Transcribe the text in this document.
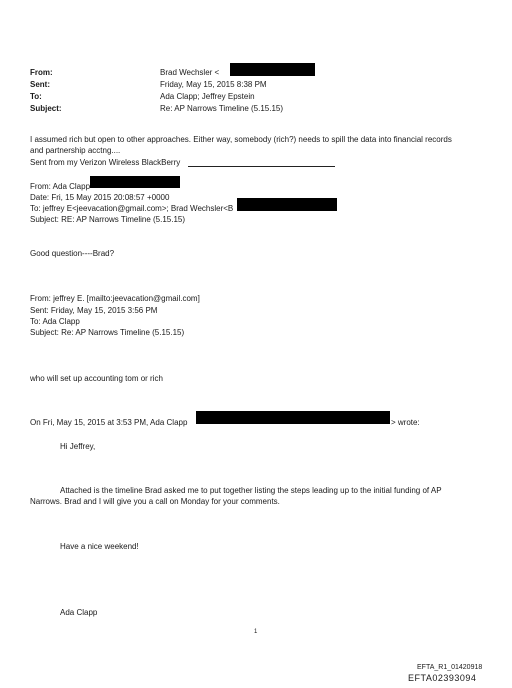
From:
Sent:
To:
Subject:
Brad Wechsler <
Friday, May 15, 2015 8:38 PM
Ada Clapp; Jeffrey Epstein
Re: AP Narrows Timeline (5.15.15)
I assumed rich but open to other approaches. Either way, somebody (rich?) needs to spill the data into financial records
and partnership acctng....
Sent from my Verizon Wireless BlackBerry
From: Ada Clapp
Date: Fri, 15 May 2015 20:08:57 +0000
To: jeffrey E<jeevacation@gmail.com>; Brad Wechsler<B
Subject: RE: AP Narrows Timeline (5.15.15)
Good question----Brad?
From: jeffrey E. [mailto:jeevacation@gmail.com]
Sent: Friday, May 15, 2015 3:56 PM
To: Ada Clapp
Subject: Re: AP Narrows Timeline (5.15.15)
who will set up accounting tom or rich
On Fri, May 15, 2015 at 3:53 PM, Ada Clapp	> wrote:
Hi Jeffrey,
Attached is the timeline Brad asked me to put together listing the steps leading up to the initial funding of AP
Narrows. Brad and I will give you a call on Monday for your comments.
Have a nice weekend!
Ada Clapp
1
EFTA_R1_01420918
EFTA02393094
